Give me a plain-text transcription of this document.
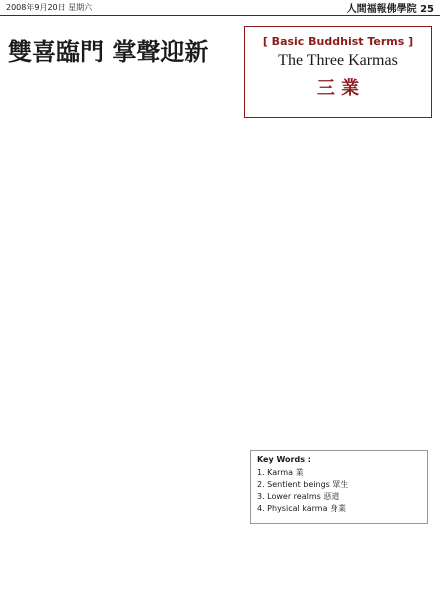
2008年9月20日 星期六	人間福報佛學院 25
雙喜臨門 掌聲迎新	[ Basic Buddhist Terms ]
The Three Karmas
三 業
Key Words :
1. Karma 業
2. Sentient beings 眾生
3. Lower realms 惡道
4. Physical karma 身業
